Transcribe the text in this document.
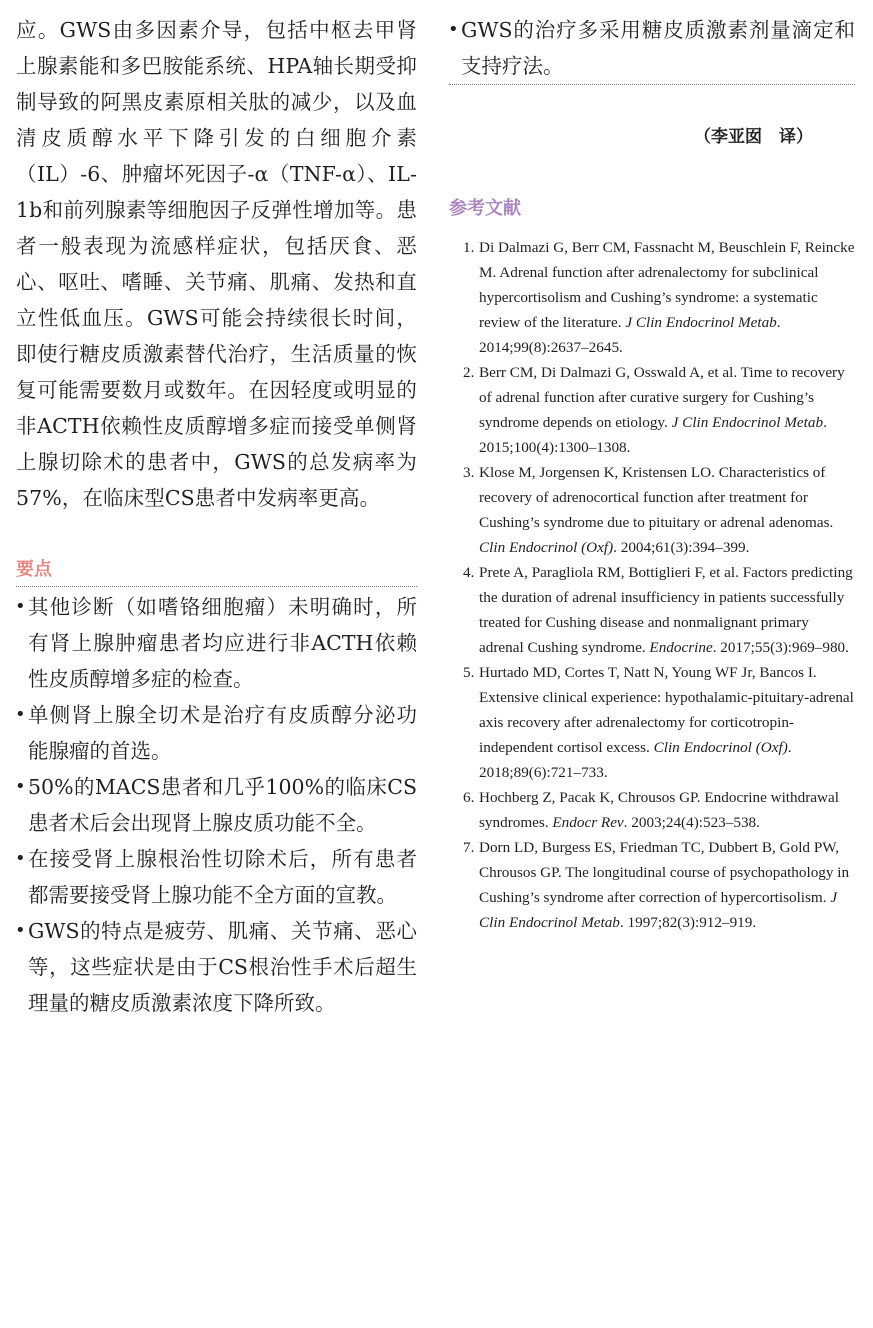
应。GWS由多因素介导，包括中枢去甲肾上腺素能和多巴胺能系统、HPA轴长期受抑制导致的阿黑皮素原相关肽的减少，以及血清皮质醇水平下降引发的白细胞介素（IL）-6、肿瘤坏死因子-α（TNF-α）、IL-1b和前列腺素等细胞因子反弹性增加等。患者一般表现为流感样症状，包括厌食、恶心、呕吐、嗜睡、关节痛、肌痛、发热和直立性低血压。GWS可能会持续很长时间，即使行糖皮质激素替代治疗，生活质量的恢复可能需要数月或数年。在因轻度或明显的非ACTH依赖性皮质醇增多症而接受单侧肾上腺切除术的患者中，GWS的总发病率为57%，在临床型CS患者中发病率更高。

要点
• 其他诊断（如嗜铬细胞瘤）未明确时，所有肾上腺肿瘤患者均应进行非ACTH依赖性皮质醇增多症的检查。
• 单侧肾上腺全切术是治疗有皮质醇分泌功能腺瘤的首选。
• 50%的MACS患者和几乎100%的临床CS患者术后会出现肾上腺皮质功能不全。
• 在接受肾上腺根治性切除术后，所有患者都需要接受肾上腺功能不全方面的宣教。
• GWS的特点是疲劳、肌痛、关节痛、恶心等，这些症状是由于CS根治性手术后超生理量的糖皮质激素浓度下降所致。
• GWS的治疗多采用糖皮质激素剂量滴定和支持疗法。
（李亚囡　译）
参考文献
1. Di Dalmazi G, Berr CM, Fassnacht M, Beuschlein F, Reincke M. Adrenal function after adrenalectomy for subclinical hypercortisolism and Cushing’s syndrome: a systematic review of the literature. J Clin Endocrinol Metab. 2014;99(8):2637–2645.
2. Berr CM, Di Dalmazi G, Osswald A, et al. Time to recovery of adrenal function after curative surgery for Cushing’s syndrome depends on etiology. J Clin Endocrinol Metab. 2015;100(4):1300–1308.
3. Klose M, Jorgensen K, Kristensen LO. Characteristics of recovery of adrenocortical function after treatment for Cushing’s syndrome due to pituitary or adrenal adenomas. Clin Endocrinol (Oxf). 2004;61(3):394–399.
4. Prete A, Paragliola RM, Bottiglieri F, et al. Factors predicting the duration of adrenal insufficiency in patients successfully treated for Cushing disease and nonmalignant primary adrenal Cushing syndrome. Endocrine. 2017;55(3):969–980.
5. Hurtado MD, Cortes T, Natt N, Young WF Jr, Bancos I. Extensive clinical experience: hypothalamic-pituitary-adrenal axis recovery after adrenalectomy for corticotropin-independent cortisol excess. Clin Endocrinol (Oxf). 2018;89(6):721–733.
6. Hochberg Z, Pacak K, Chrousos GP. Endocrine withdrawal syndromes. Endocr Rev. 2003;24(4):523–538.
7. Dorn LD, Burgess ES, Friedman TC, Dubbert B, Gold PW, Chrousos GP. The longitudinal course of psychopathology in Cushing’s syndrome after correction of hypercortisolism. J Clin Endocrinol Metab. 1997;82(3):912–919.
